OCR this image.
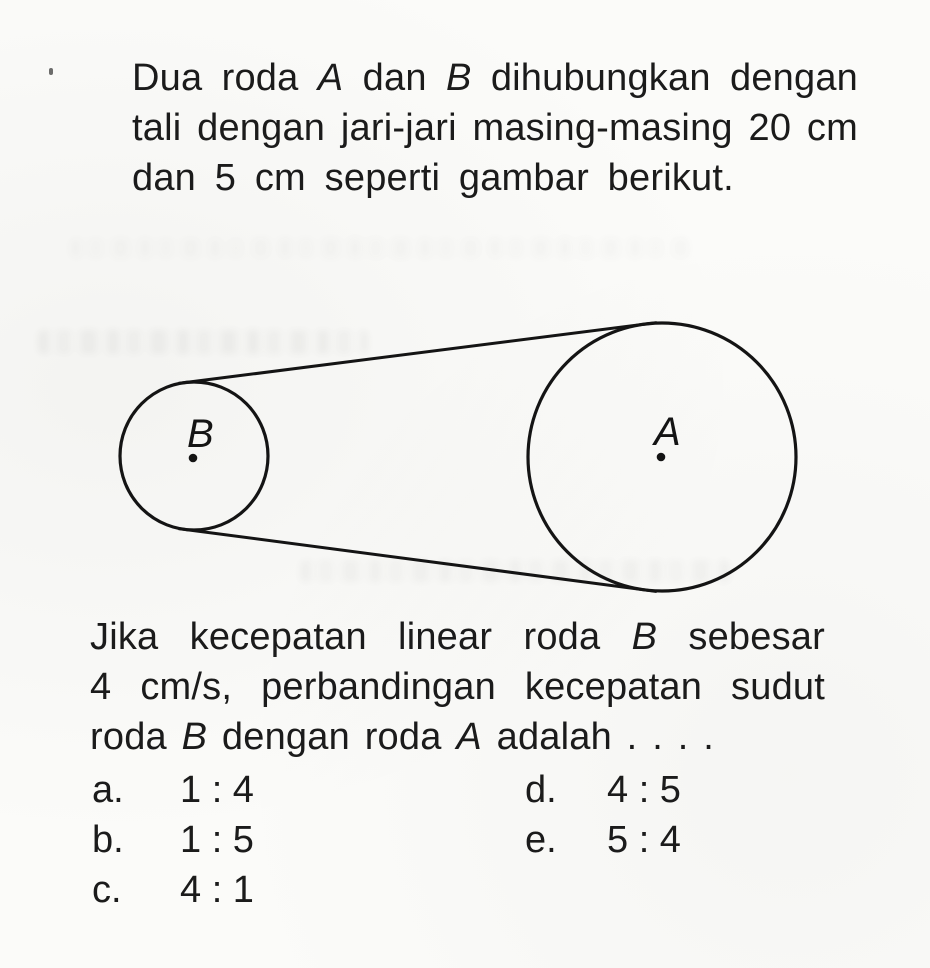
Dua roda A dan B dihubungkan dengan
tali dengan jari-jari masing-masing 20 cm
dan 5 cm seperti gambar berikut.
B	A
Jika kecepatan linear roda B sebesar
4 cm/s, perbandingan kecepatan sudut
roda B dengan roda A adalah . . . .
a.	1 : 4
b.	1 : 5
c.	4 : 1
d.	4 : 5
e.	5 : 4
